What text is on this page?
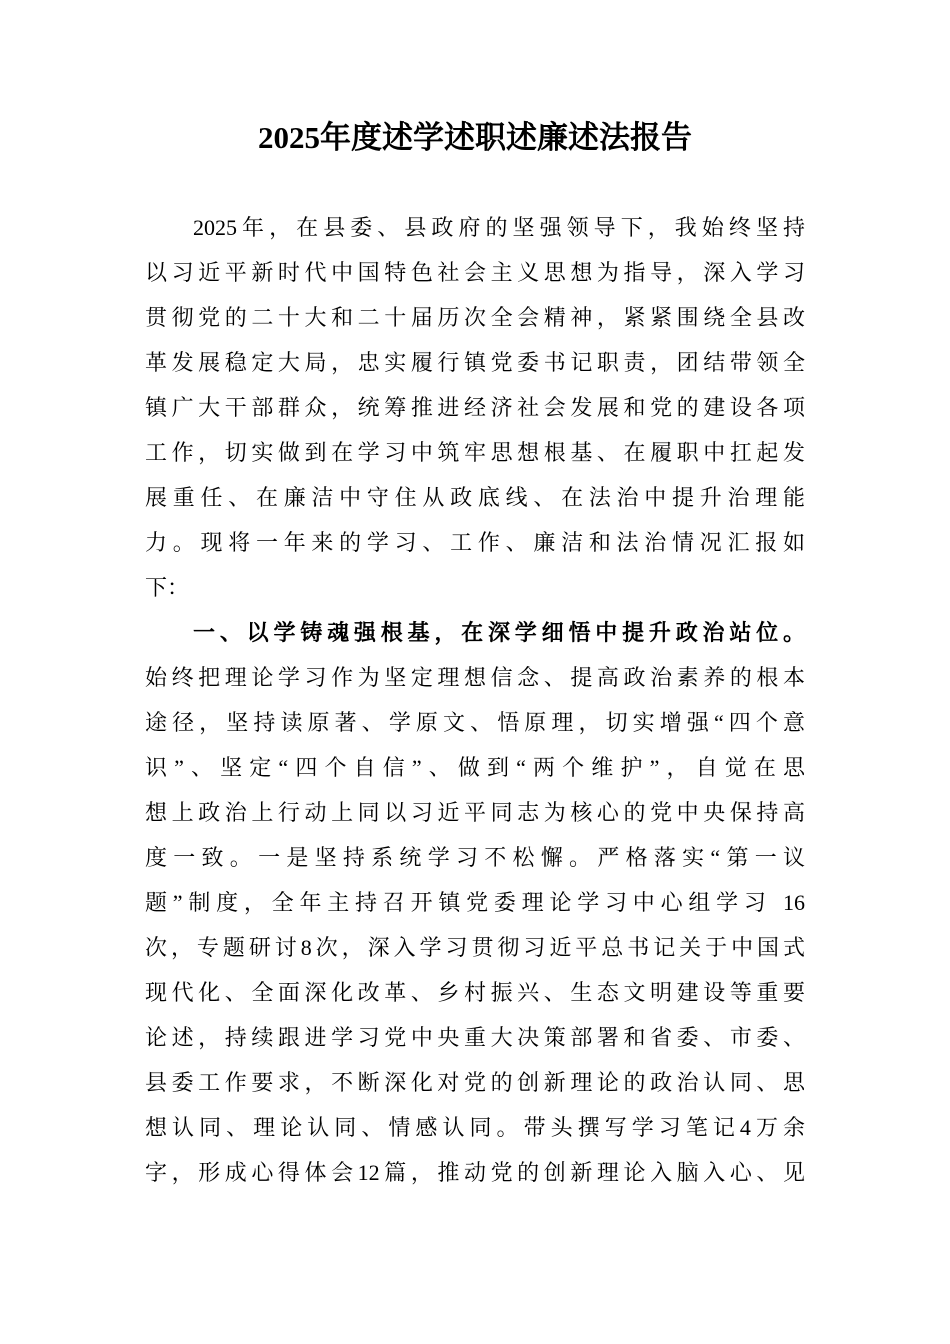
2025年度述学述职述廉述法报告
2025年，在县委、县政府的坚强领导下，我始终坚持
以习近平新时代中国特色社会主义思想为指导，深入学习
贯彻党的二十大和二十届历次全会精神，紧紧围绕全县改
革发展稳定大局，忠实履行镇党委书记职责，团结带领全
镇广大干部群众，统筹推进经济社会发展和党的建设各项
工作，切实做到在学习中筑牢思想根基、在履职中扛起发
展重任、在廉洁中守住从政底线、在法治中提升治理能
力。现将一年来的学习、工作、廉洁和法治情况汇报如
下：
一、以学铸魂强根基，在深学细悟中提升政治站位。
始终把理论学习作为坚定理想信念、提高政治素养的根本
途径，坚持读原著、学原文、悟原理，切实增强“四个意
识”、坚定“四个自信”、做到“两个维护”，自觉在思
想上政治上行动上同以习近平同志为核心的党中央保持高
度一致。一是坚持系统学习不松懈。严格落实“第一议
题”制度，全年主持召开镇党委理论学习中心组学习 16
次，专题研讨8次，深入学习贯彻习近平总书记关于中国式
现代化、全面深化改革、乡村振兴、生态文明建设等重要
论述，持续跟进学习党中央重大决策部署和省委、市委、
县委工作要求，不断深化对党的创新理论的政治认同、思
想认同、理论认同、情感认同。带头撰写学习笔记4万余
字，形成心得体会12篇，推动党的创新理论入脑入心、见
